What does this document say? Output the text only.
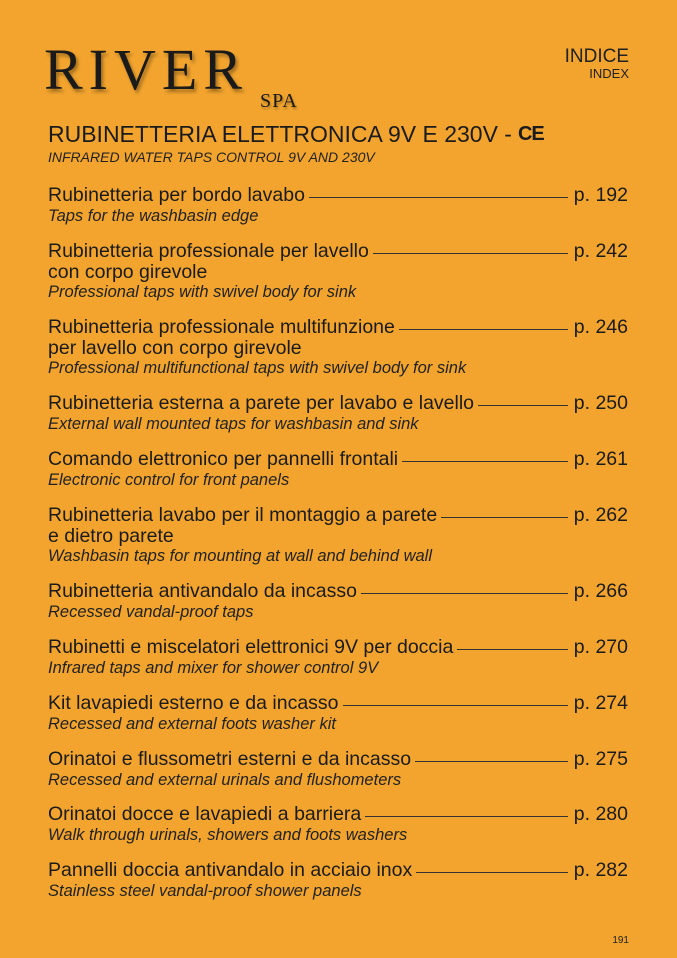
RIVER SPA
INDICE
INDEX
RUBINETTERIA ELETTRONICA 9V E 230V - CE
INFRARED WATER TAPS CONTROL 9V AND 230V
Rubinetteria per bordo lavabo	p. 192
Taps for the washbasin edge
Rubinetteria professionale per lavello	p. 242
con corpo girevole
Professional taps with swivel body for sink
Rubinetteria professionale multifunzione	p. 246
per lavello con corpo girevole
Professional multifunctional taps with swivel body for sink
Rubinetteria esterna a parete per lavabo e lavello	p. 250
External wall mounted taps for washbasin and sink
Comando elettronico per pannelli frontali	p. 261
Electronic control for front panels
Rubinetteria lavabo per il montaggio a parete	p. 262
e dietro parete
Washbasin taps for mounting at wall and behind wall
Rubinetteria antivandalo da incasso	p. 266
Recessed vandal-proof taps
Rubinetti e miscelatori elettronici 9V per doccia	p. 270
Infrared taps and mixer for shower control 9V
Kit lavapiedi esterno e da incasso	p. 274
Recessed and external foots washer kit
Orinatoi e flussometri esterni e da incasso	p. 275
Recessed and external urinals and flushometers
Orinatoi docce e lavapiedi a barriera	p. 280
Walk through urinals, showers and foots washers
Pannelli doccia antivandalo in acciaio inox	p. 282
Stainless steel vandal-proof shower panels
191
